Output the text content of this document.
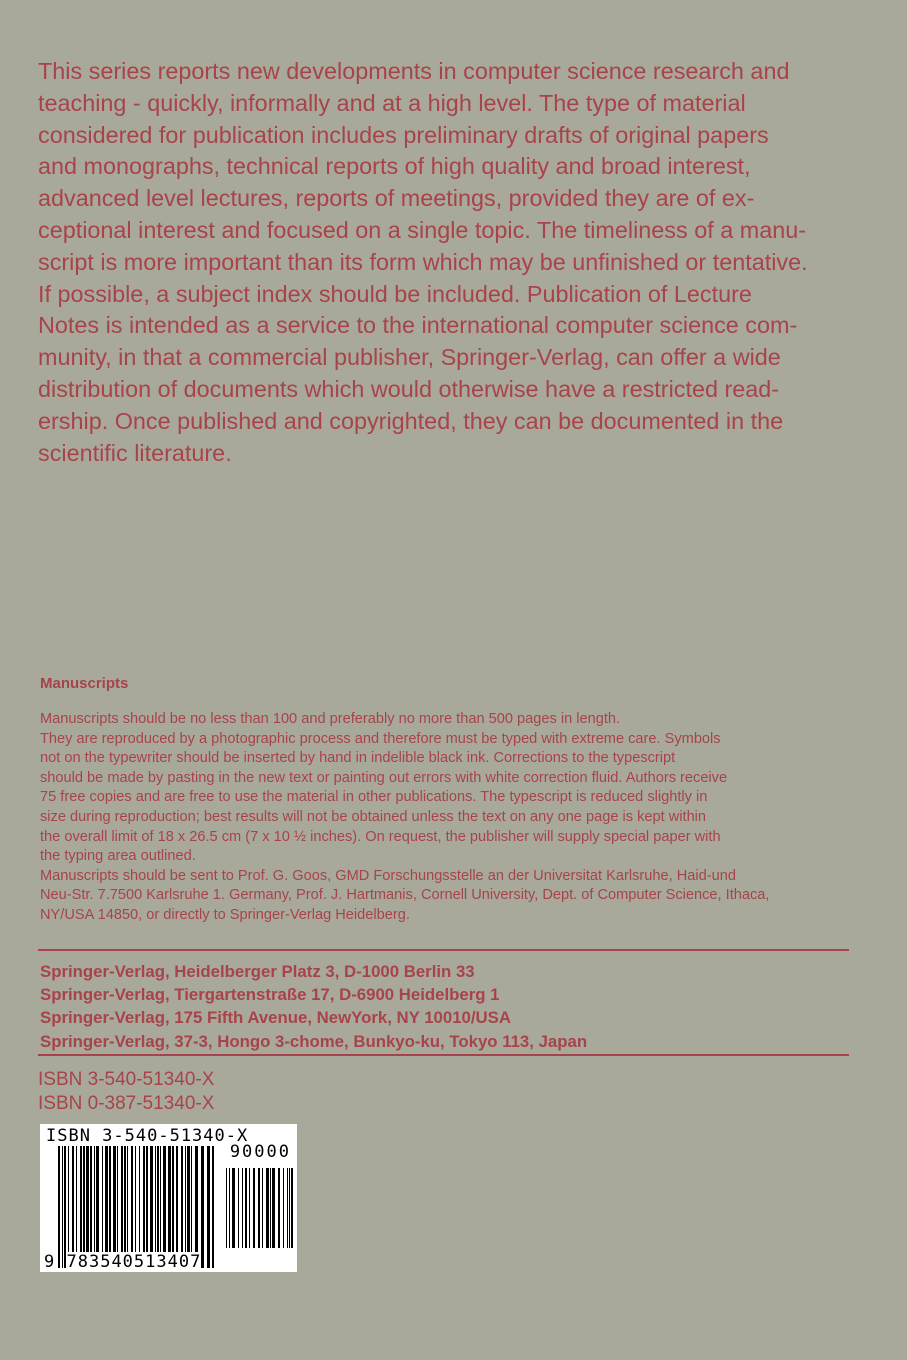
This series reports new developments in computer science research and
teaching - quickly, informally and at a high level. The type of material
considered for publication includes preliminary drafts of original papers
and monographs, technical reports of high quality and broad interest,
advanced level lectures, reports of meetings, provided they are of ex-
ceptional interest and focused on a single topic. The timeliness of a manu-
script is more important than its form which may be unfinished or tentative.
If possible, a subject index should be included. Publication of Lecture
Notes is intended as a service to the international computer science com-
munity, in that a commercial publisher, Springer-Verlag, can offer a wide
distribution of documents which would otherwise have a restricted read-
ership. Once published and copyrighted, they can be documented in the
scientific literature.
Manuscripts
Manuscripts should be no less than 100 and preferably no more than 500 pages in length.
They are reproduced by a photographic process and therefore must be typed with extreme care. Symbols
not on the typewriter should be inserted by hand in indelible black ink. Corrections to the typescript
should be made by pasting in the new text or painting out errors with white correction fluid. Authors receive
75 free copies and are free to use the material in other publications. The typescript is reduced slightly in
size during reproduction; best results will not be obtained unless the text on any one page is kept within
the overall limit of 18 x 26.5 cm (7 x 10 ½ inches). On request, the publisher will supply special paper with
the typing area outlined.
Manuscripts should be sent to Prof. G. Goos, GMD Forschungsstelle an der Universitat Karlsruhe, Haid-und
Neu-Str. 7.7500 Karlsruhe 1. Germany, Prof. J. Hartmanis, Cornell University, Dept. of Computer Science, Ithaca,
NY/USA 14850, or directly to Springer-Verlag Heidelberg.
Springer-Verlag, Heidelberger Platz 3, D-1000 Berlin 33
Springer-Verlag, Tiergartenstraße 17, D-6900 Heidelberg 1
Springer-Verlag, 175 Fifth Avenue, NewYork, NY 10010/USA
Springer-Verlag, 37-3, Hongo 3-chome, Bunkyo-ku, Tokyo 113, Japan
ISBN 3-540-51340-X
ISBN 0-387-51340-X
ISBN 3-540-51340-X
90000
9 783540513407
